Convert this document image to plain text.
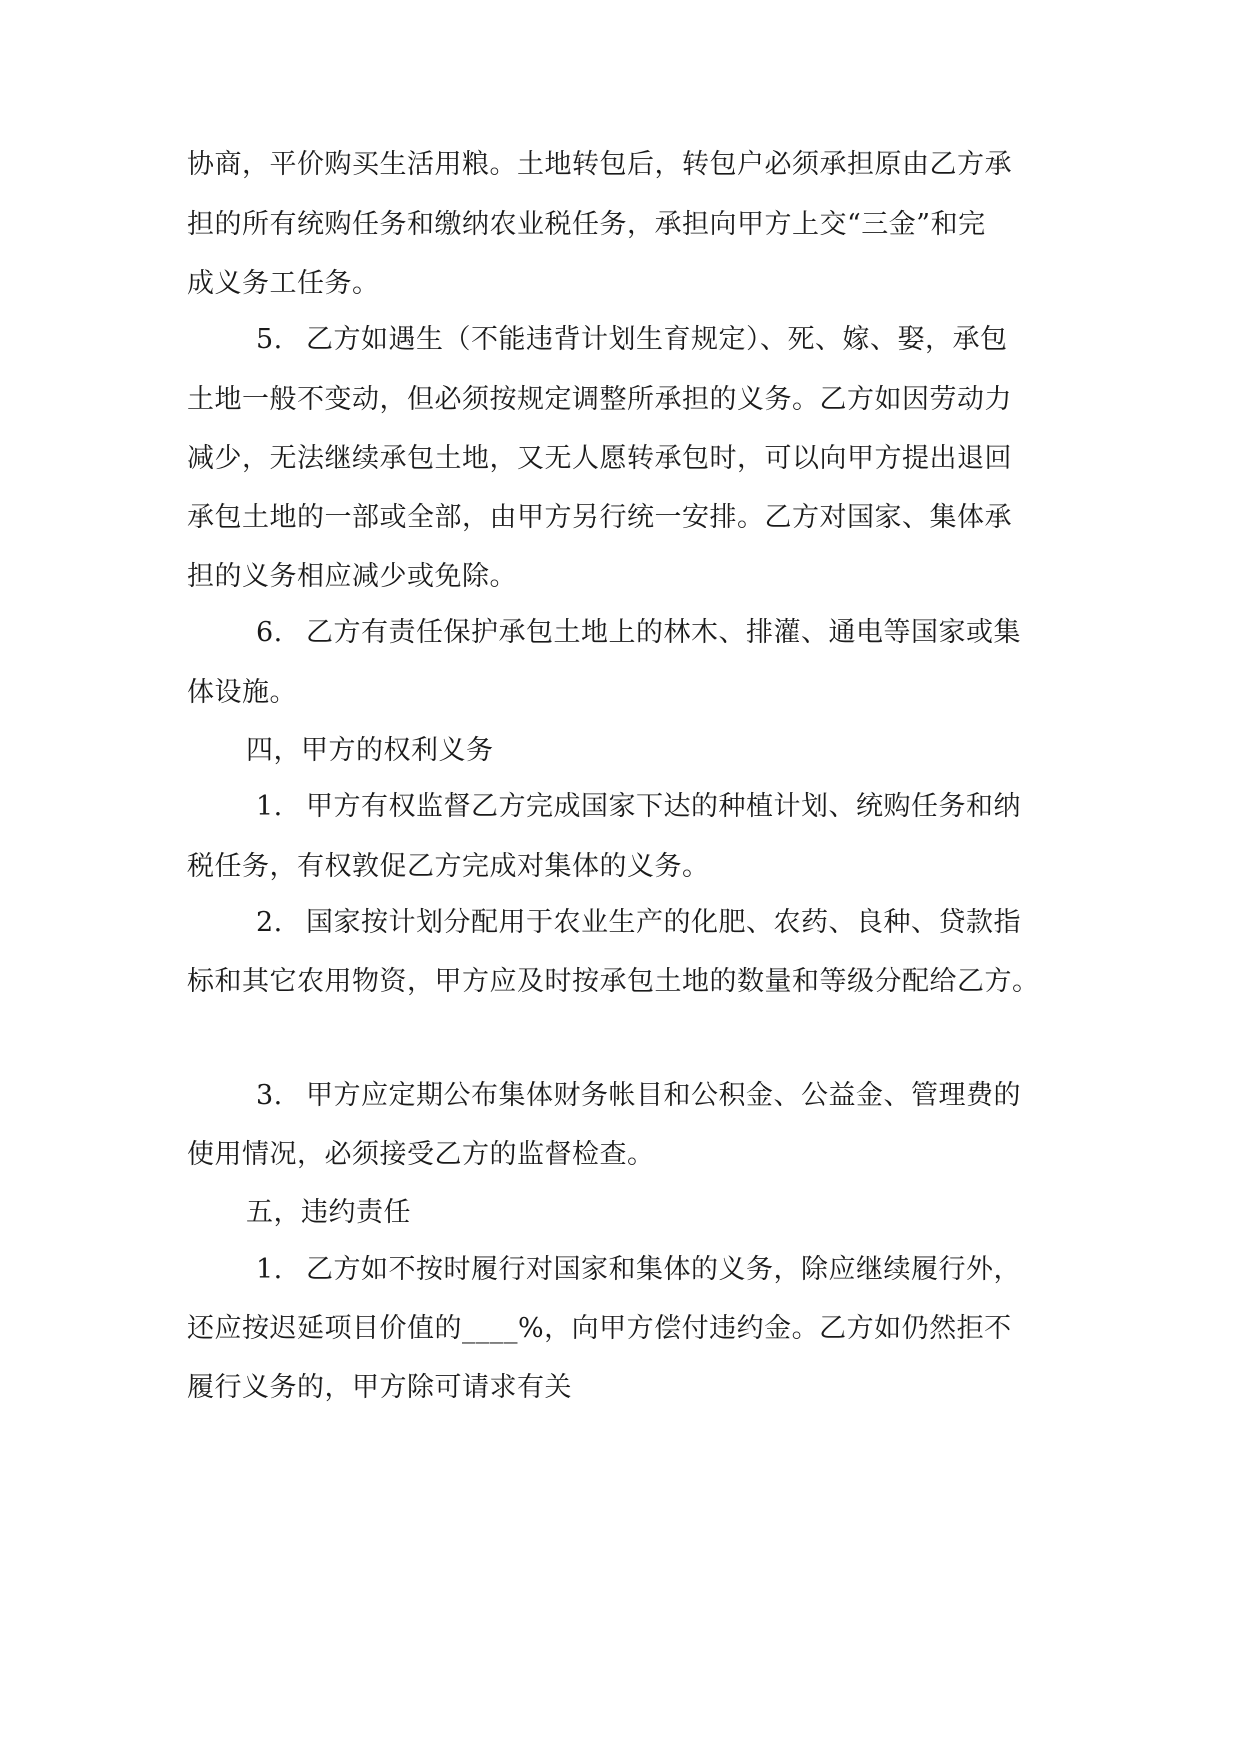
协商，平价购买生活用粮。土地转包后，转包户必须承担原由乙方承
担的所有统购任务和缴纳农业税任务，承担向甲方上交“三金”和完
成义务工任务。
5. 乙方如遇生（不能违背计划生育规定）、死、嫁、娶，承包
土地一般不变动，但必须按规定调整所承担的义务。乙方如因劳动力
减少，无法继续承包土地，又无人愿转承包时，可以向甲方提出退回
承包土地的一部或全部，由甲方另行统一安排。乙方对国家、集体承
担的义务相应减少或免除。
6. 乙方有责任保护承包土地上的林木、排灌、通电等国家或集
体设施。
四，甲方的权利义务
1. 甲方有权监督乙方完成国家下达的种植计划、统购任务和纳
税任务，有权敦促乙方完成对集体的义务。
2. 国家按计划分配用于农业生产的化肥、农药、良种、贷款指
标和其它农用物资，甲方应及时按承包土地的数量和等级分配给乙方。
3. 甲方应定期公布集体财务帐目和公积金、公益金、管理费的
使用情况，必须接受乙方的监督检查。
五，违约责任
1. 乙方如不按时履行对国家和集体的义务，除应继续履行外，
还应按迟延项目价值的____%，向甲方偿付违约金。乙方如仍然拒不
履行义务的，甲方除可请求有关
